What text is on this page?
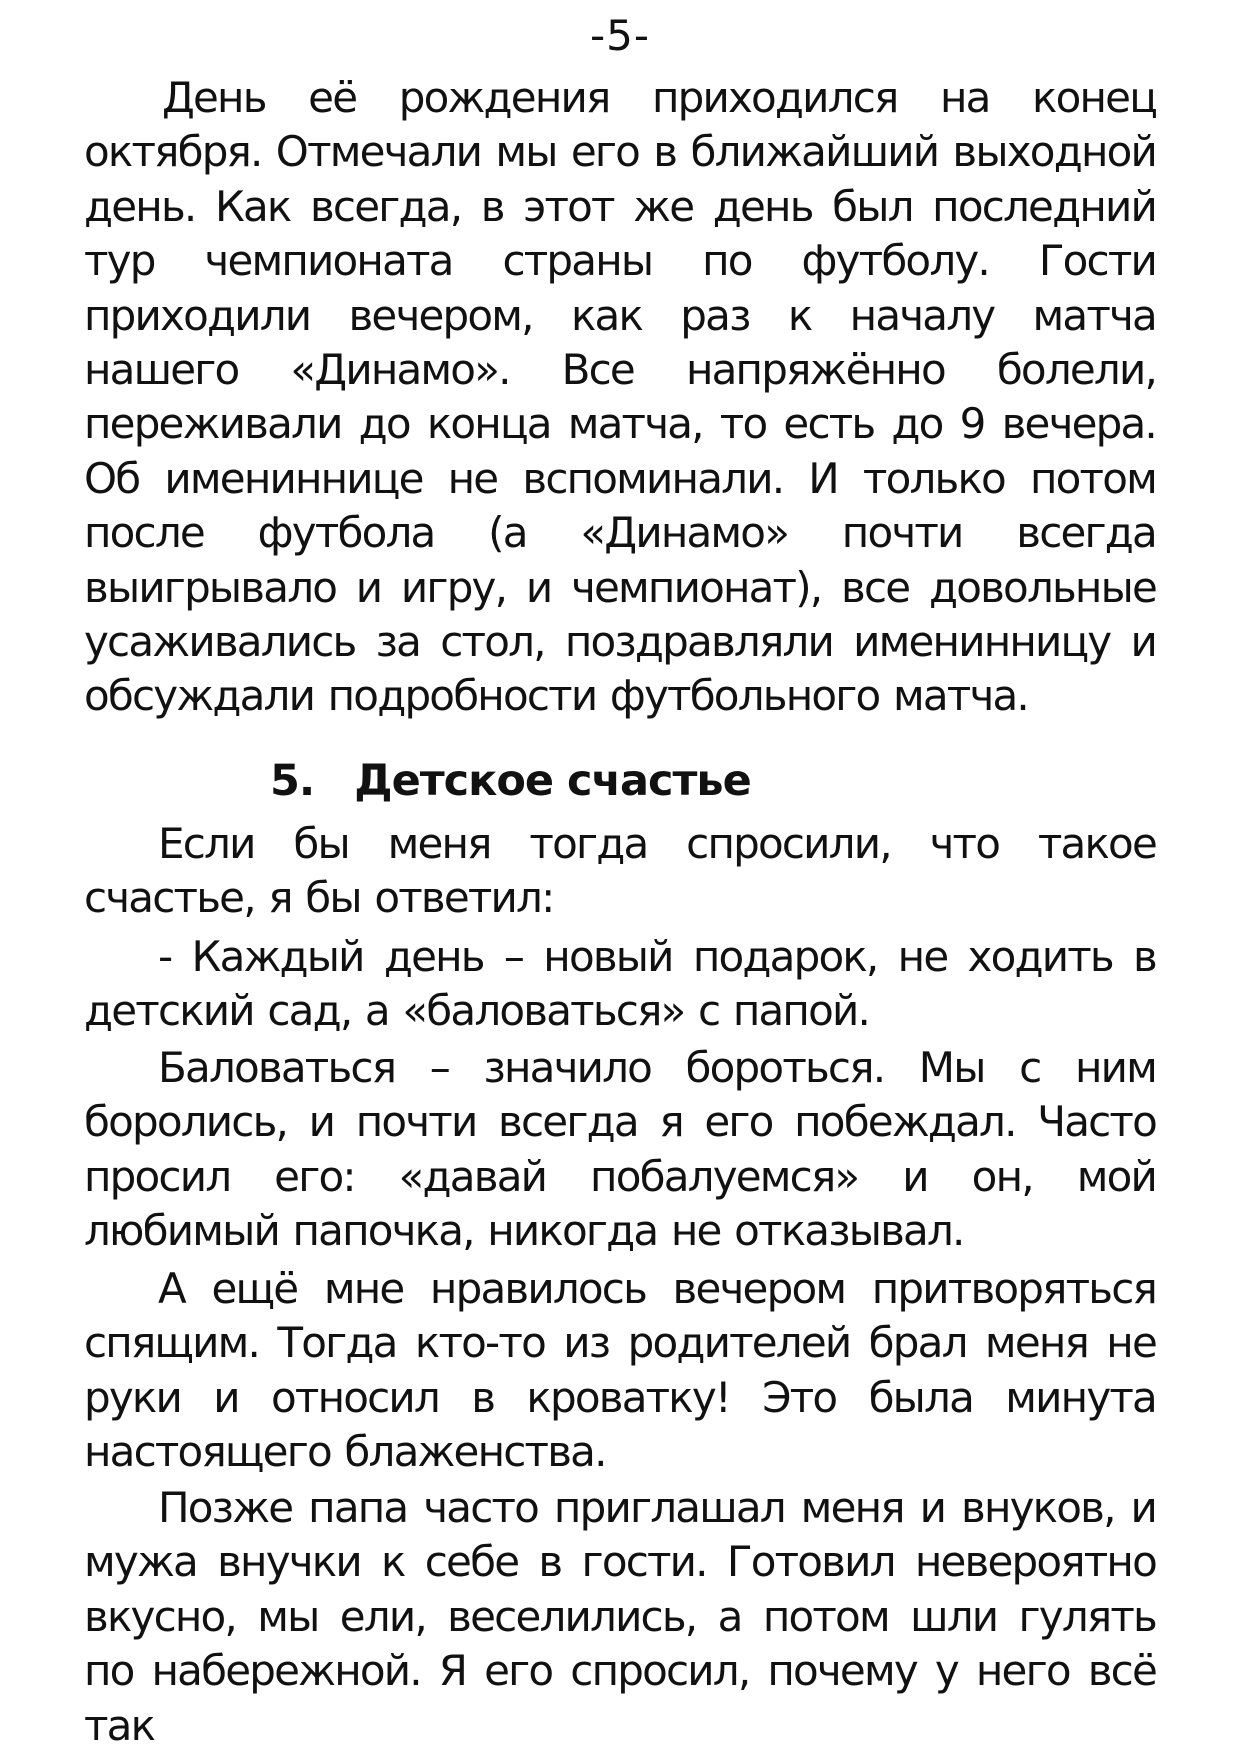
-5-

День её рождения приходился на конец октября. Отмечали мы его в ближайший выходной день. Как всегда, в этот же день был последний тур чемпионата страны по футболу. Гости приходили вечером, как раз к началу матча нашего «Динамо». Все напряжённо болели, переживали до конца матча, то есть до 9 вечера. Об имениннице не вспоминали. И только потом после футбола (а «Динамо» почти всегда выигрывало и игру, и чемпионат), все довольные усаживались за стол, поздравляли именинницу и обсуждали подробности футбольного матча.

5. Детское счастье

Если бы меня тогда спросили, что такое счастье, я бы ответил:

- Каждый день – новый подарок, не ходить в детский сад, а «баловаться» с папой.

Баловаться – значило бороться. Мы с ним боролись, и почти всегда я его побеждал. Часто просил его: «давай побалуемся» и он, мой любимый папочка, никогда не отказывал.

А ещё мне нравилось вечером притворяться спящим. Тогда кто-то из родителей брал меня не руки и относил в кроватку! Это была минута настоящего блаженства.

Позже папа часто приглашал меня и внуков, и мужа внучки к себе в гости. Готовил невероятно вкусно, мы ели, веселились, а потом шли гулять по набережной. Я его спросил, почему у него всё так
